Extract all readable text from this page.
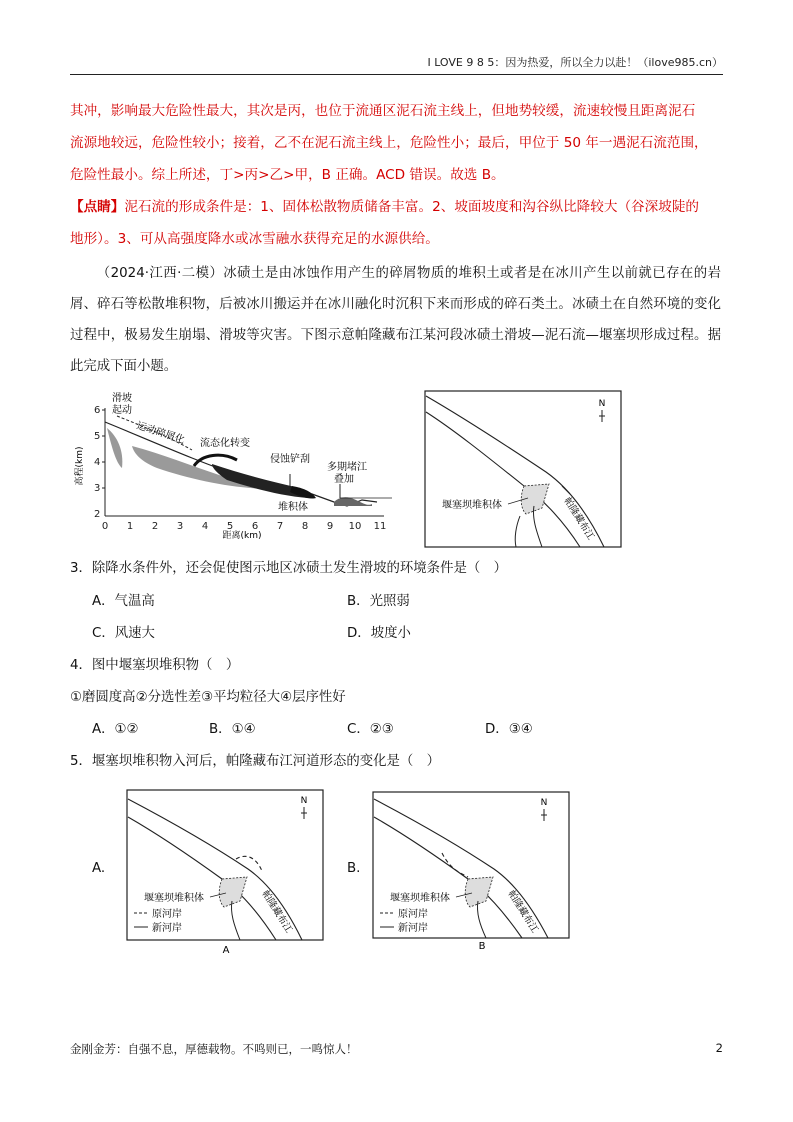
I LOVE 9 8 5：因为热爱，所以全力以赴！（ilove985.cn）

其冲，影响最大危险性最大，其次是丙，也位于流通区泥石流主线上，但地势较缓，流速较慢且距离泥石

流源地较远，危险性较小；接着，乙不在泥石流主线上，危险性小；最后，甲位于 50 年一遇泥石流范围，

危险性最小。综上所述，丁>丙>乙>甲，B 正确。ACD 错误。故选 B。

【点睛】泥石流的形成条件是：1、固体松散物质储备丰富。2、坡面坡度和沟谷纵比降较大（谷深坡陡的

地形）。3、可从高强度降水或冰雪融水获得充足的水源供给。

（2024·江西·二模）冰碛土是由冰蚀作用产生的碎屑物质的堆积土或者是在冰川产生以前就已存在的岩屑、碎石等松散堆积物，后被冰川搬运并在冰川融化时沉积下来而形成的碎石类土。冰碛土在自然环境的变化过程中，极易发生崩塌、滑坡等灾害。下图示意帕隆藏布江某河段冰碛土滑坡—泥石流—堰塞坝形成过程。据此完成下面小题。
6
5
4
3
2
0 1 2 3 4 5 6 7 8 9 10 11
距离(km)
高程(km)
滑坡
起动
运动碎屑化 流态化转变
侵蚀铲刮
多期堵江
叠加
堆积体
N
堰塞坝堆积体	帕隆藏布江
3．除降水条件外，还会促使图示地区冰碛土发生滑坡的环境条件是（　）
A．气温高	B．光照弱
C．风速大	D．坡度小
4．图中堰塞坝堆积物（　）
①磨圆度高②分选性差③平均粒径大④层序性好
A．①②	B．①④	C．②③	D．③④
5．堰塞坝堆积物入河后，帕隆藏布江河道形态的变化是（　）
A.	B.
N
堰塞坝堆积体
原河岸
新河岸	帕隆藏布江
A
N
堰塞坝堆积体
原河岸
新河岸	帕隆藏布江
B
金刚金芳：自强不息，厚德载物。不鸣则已，一鸣惊人！	2
